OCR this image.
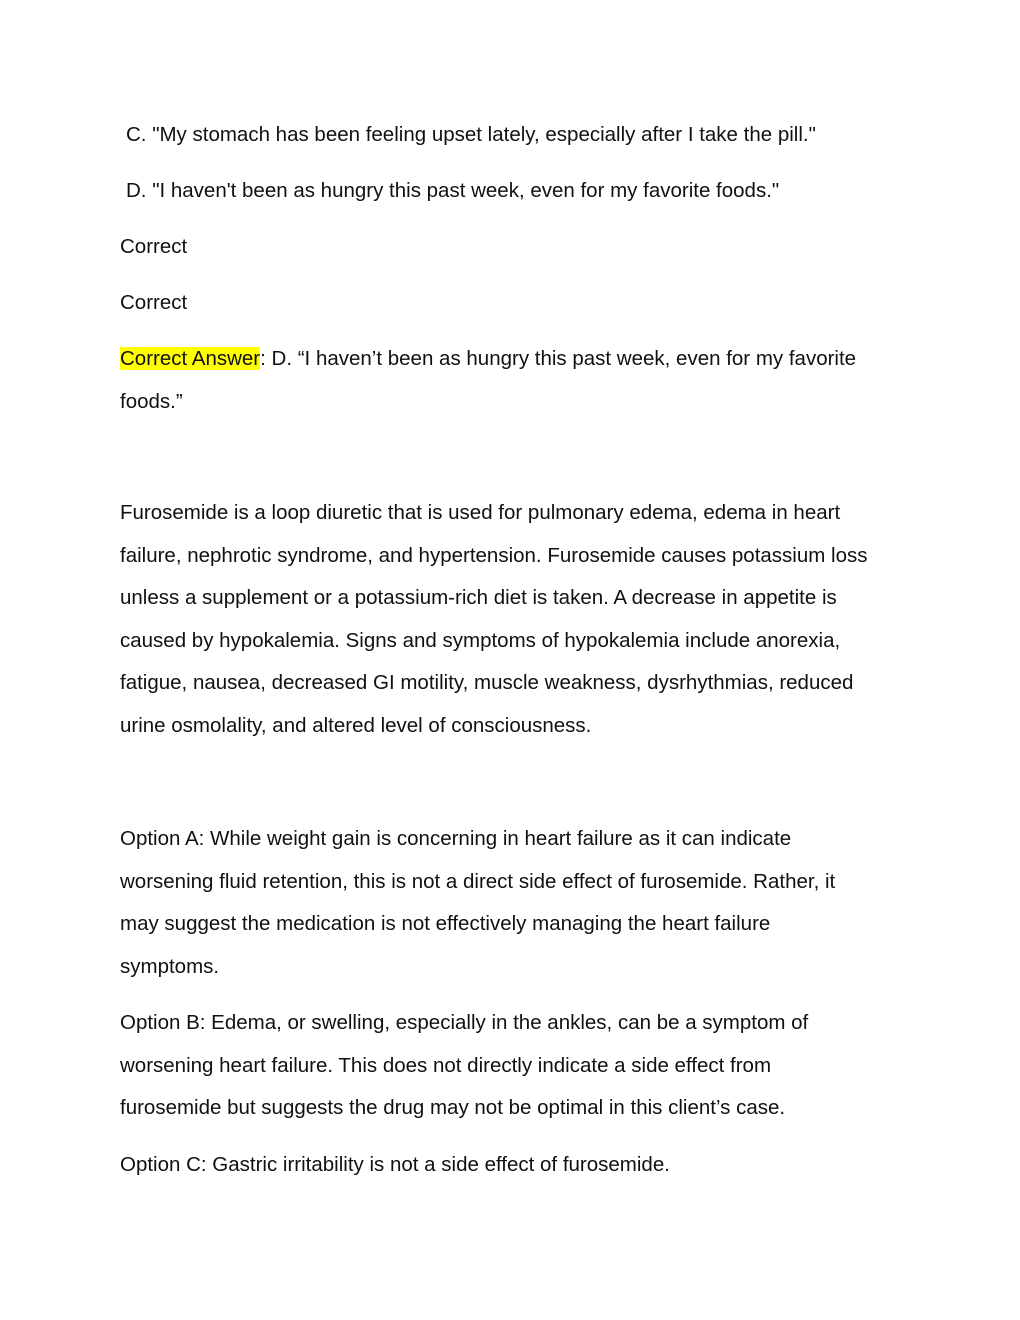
C. "My stomach has been feeling upset lately, especially after I take the pill."
D. "I haven't been as hungry this past week, even for my favorite foods."
Correct
Correct
Correct Answer: D. “I haven’t been as hungry this past week, even for my favorite
foods.”

Furosemide is a loop diuretic that is used for pulmonary edema, edema in heart

failure, nephrotic syndrome, and hypertension. Furosemide causes potassium loss

unless a supplement or a potassium-rich diet is taken. A decrease in appetite is

caused by hypokalemia. Signs and symptoms of hypokalemia include anorexia,

fatigue, nausea, decreased GI motility, muscle weakness, dysrhythmias, reduced

urine osmolality, and altered level of consciousness.

Option A: While weight gain is concerning in heart failure as it can indicate

worsening fluid retention, this is not a direct side effect of furosemide. Rather, it

may suggest the medication is not effectively managing the heart failure

symptoms.

Option B: Edema, or swelling, especially in the ankles, can be a symptom of

worsening heart failure. This does not directly indicate a side effect from

furosemide but suggests the drug may not be optimal in this client’s case.

Option C: Gastric irritability is not a side effect of furosemide.
